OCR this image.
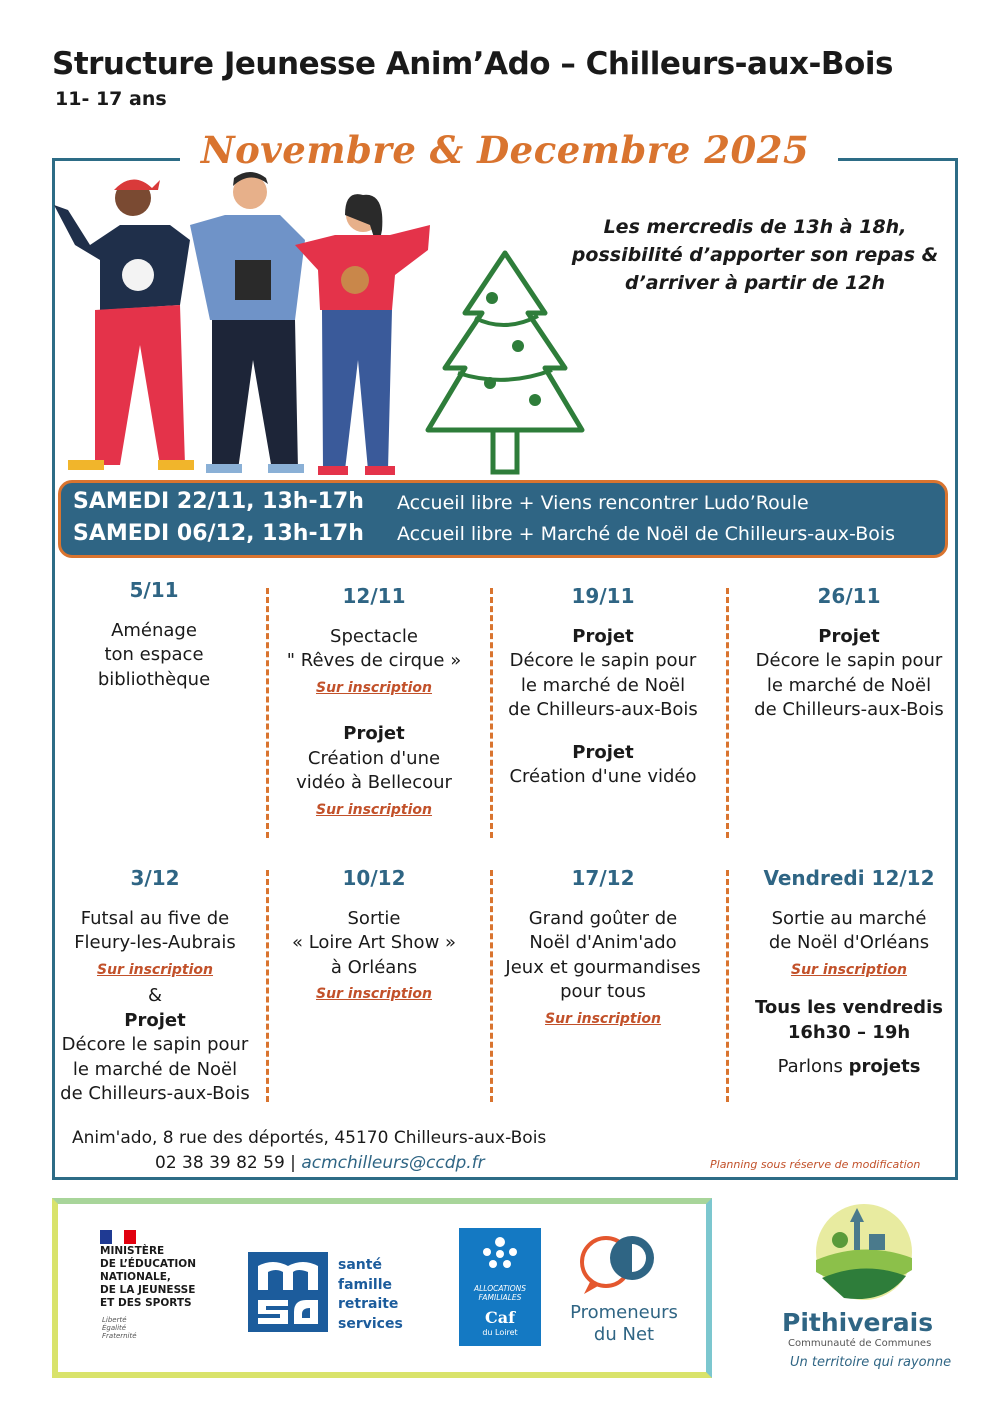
Structure Jeunesse Anim’Ado – Chilleurs-aux-Bois
11- 17 ans
Novembre & Decembre 2025
Les mercredis de 13h à 18h,
possibilité d’apporter son repas &
d’arriver à partir de 12h
SAMEDI 22/11, 13h-17h Accueil libre + Viens rencontrer Ludo’Roule
SAMEDI 06/12, 13h-17h Accueil libre + Marché de Noël de Chilleurs-aux-Bois
5/11
Aménage
ton espace
bibliothèque
12/11
Spectacle
" Rêves de cirque »
Sur inscription
Projet
Création d'une
vidéo à Bellecour
Sur inscription
19/11
Projet
Décore le sapin pour
le marché de Noël
de Chilleurs-aux-Bois
Projet
Création d'une vidéo
26/11
Projet
Décore le sapin pour
le marché de Noël
de Chilleurs-aux-Bois
3/12
Futsal au five de
Fleury-les-Aubrais
Sur inscription
&
Projet
Décore le sapin pour
le marché de Noël
de Chilleurs-aux-Bois
10/12
Sortie
« Loire Art Show »
à Orléans
Sur inscription
17/12
Grand goûter de
Noël d'Anim'ado
Jeux et gourmandises
pour tous
Sur inscription
Vendredi 12/12
Sortie au marché
de Noël d'Orléans
Sur inscription
Tous les vendredis
16h30 – 19h
Parlons projets
Anim'ado, 8 rue des déportés, 45170 Chilleurs-aux-Bois
02 38 39 82 59 | acmchilleurs@ccdp.fr	Planning sous réserve de modification
MINISTÈRE
DE L’ÉDUCATION
NATIONALE,
DE LA JEUNESSE
ET DES SPORTS
Liberté
Égalité
Fraternité
santé
famille
retraite
services
ALLOCATIONS
FAMILIALES
Caf
du Loiret
Promeneurs
du Net	Pithiverais
Communauté de Communes
Un territoire qui rayonne
